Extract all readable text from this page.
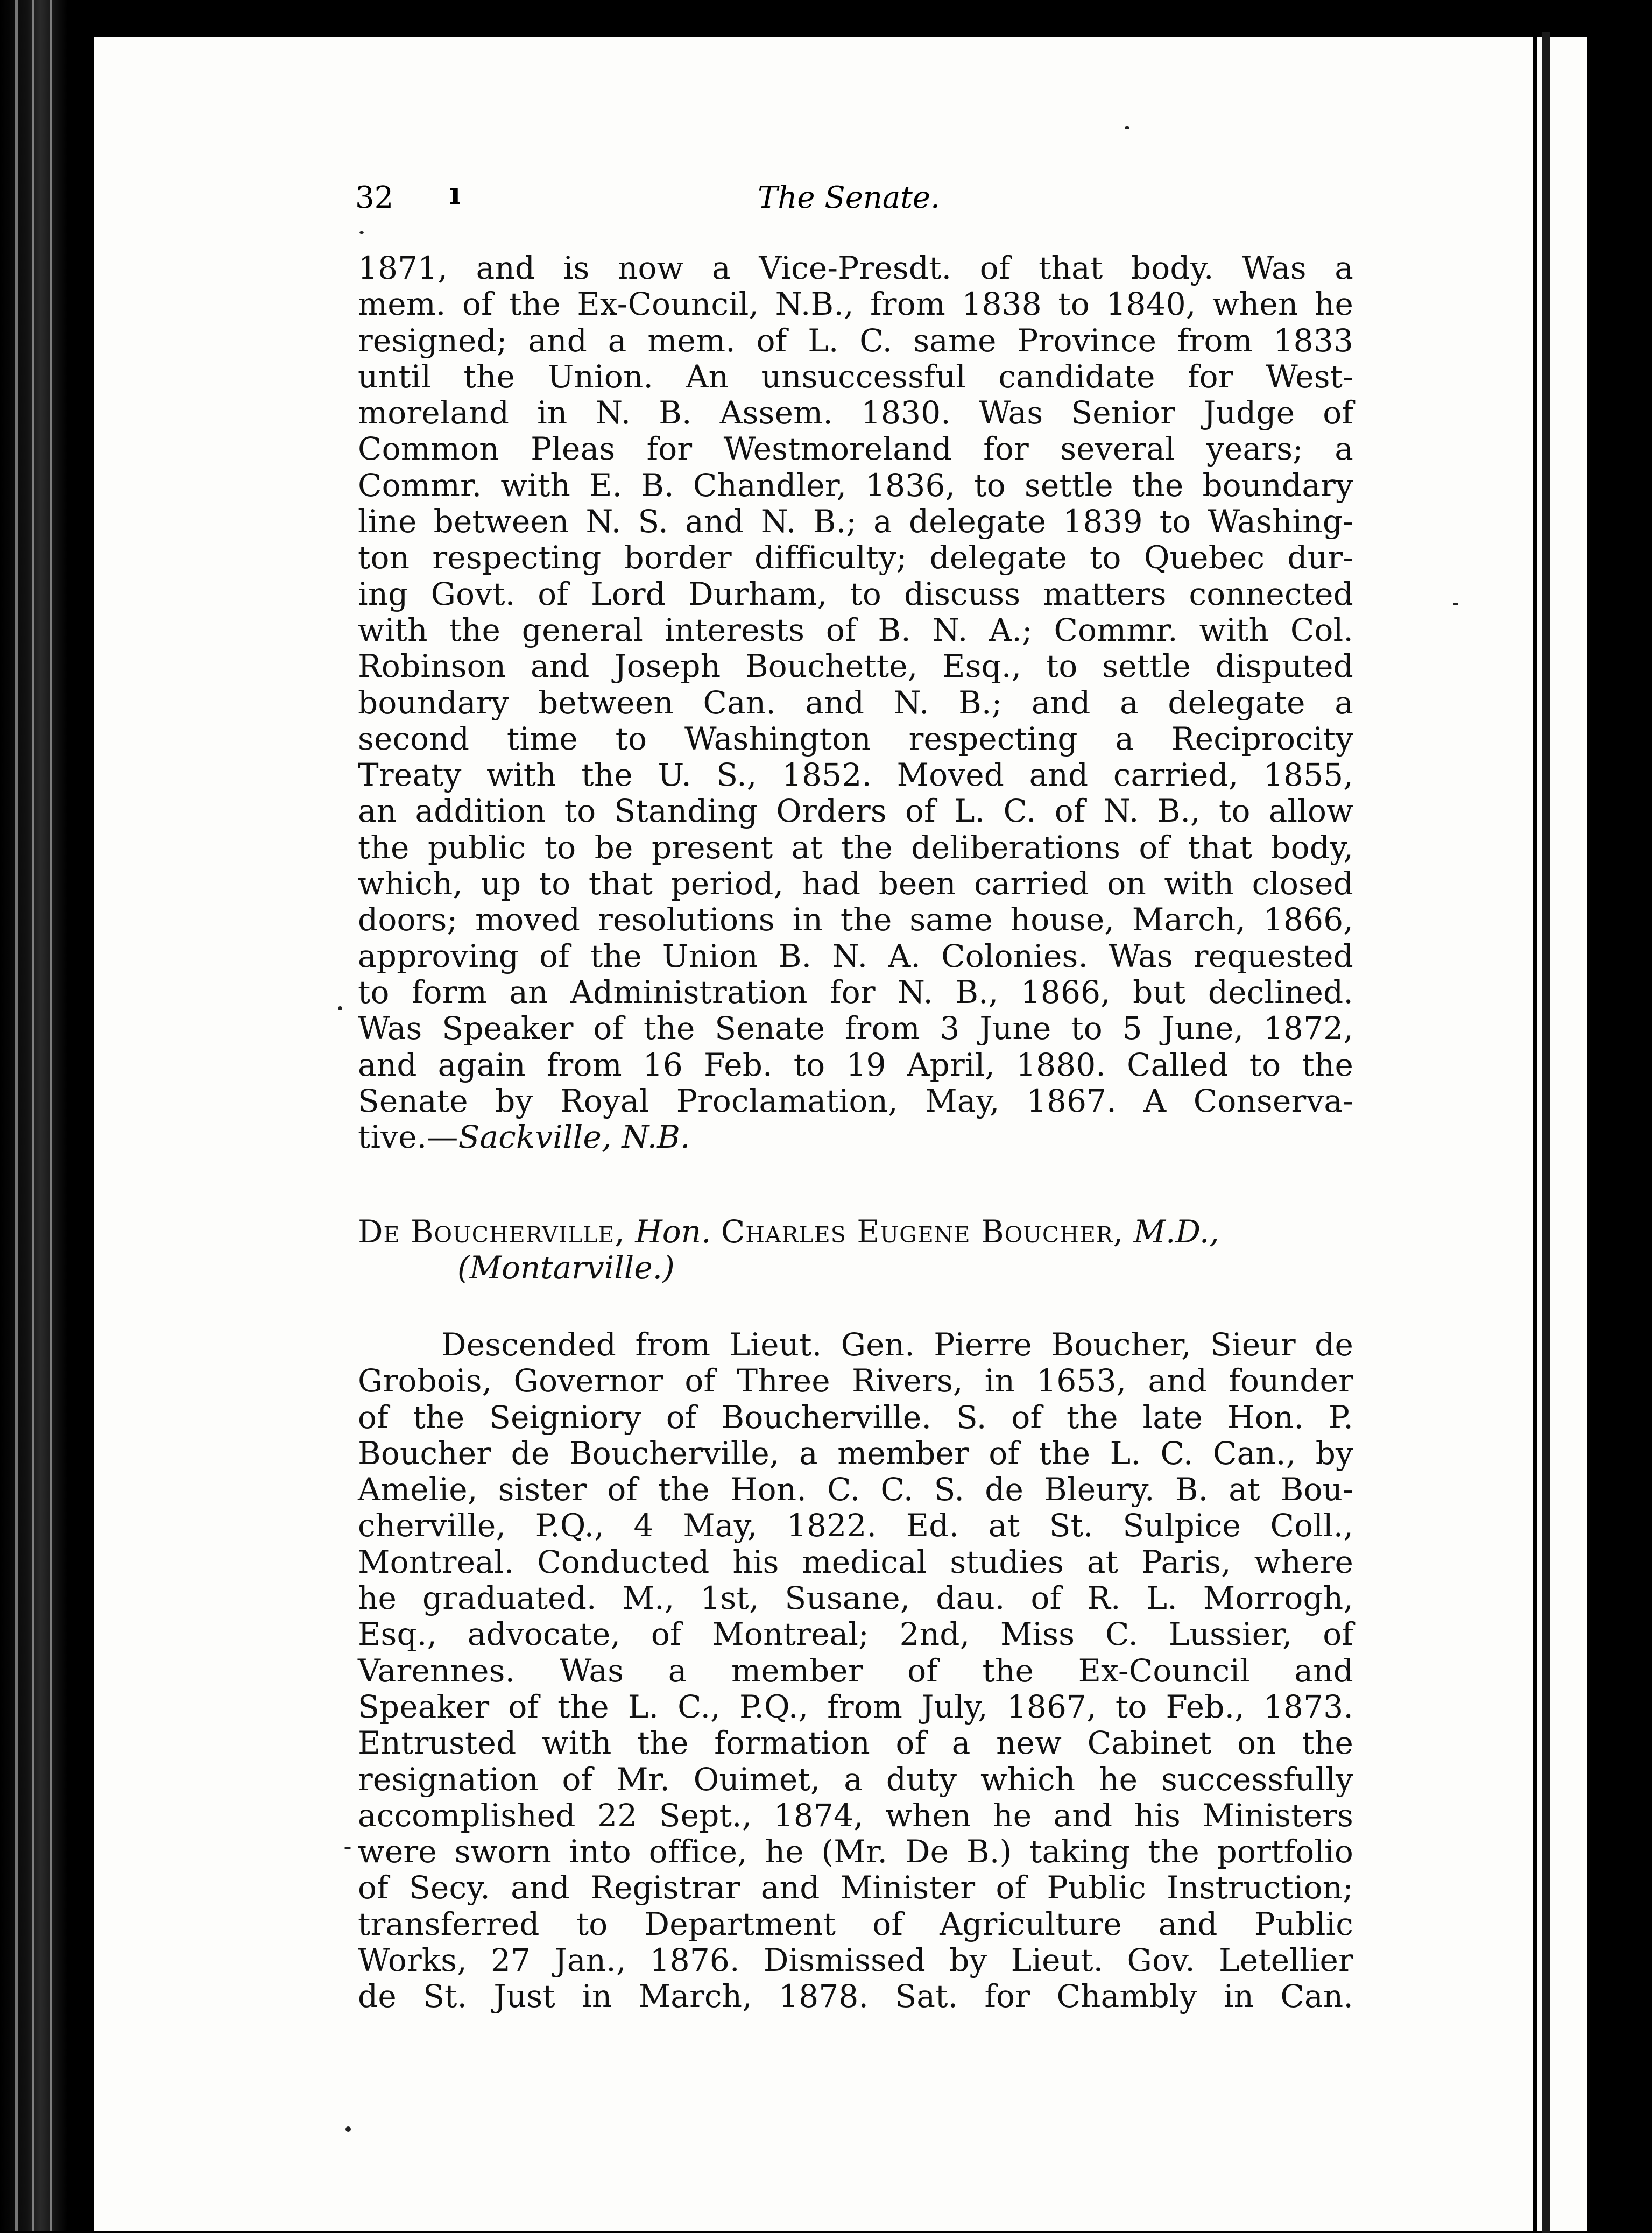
32 ı	The Senate.
1871, and is now a Vice-Presdt. of that body. Was a
mem. of the Ex-Council, N.B., from 1838 to 1840, when he
resigned; and a mem. of L. C. same Province from 1833
until the Union. An unsuccessful candidate for West-
moreland in N. B. Assem. 1830. Was Senior Judge of
Common Pleas for Westmoreland for several years; a
Commr. with E. B. Chandler, 1836, to settle the boundary
line between N. S. and N. B.; a delegate 1839 to Washing-
ton respecting border difficulty; delegate to Quebec dur-
ing Govt. of Lord Durham, to discuss matters connected
with the general interests of B. N. A.; Commr. with Col.
Robinson and Joseph Bouchette, Esq., to settle disputed
boundary between Can. and N. B.; and a delegate a
second time to Washington respecting a Reciprocity
Treaty with the U. S., 1852. Moved and carried, 1855,
an addition to Standing Orders of L. C. of N. B., to allow
the public to be present at the deliberations of that body,
which, up to that period, had been carried on with closed
doors; moved resolutions in the same house, March, 1866,
approving of the Union B. N. A. Colonies. Was requested
to form an Administration for N. B., 1866, but declined.
Was Speaker of the Senate from 3 June to 5 June, 1872,
and again from 16 Feb. to 19 April, 1880. Called to the
Senate by Royal Proclamation, May, 1867. A Conserva-
tive.—Sackville, N.B.
De Boucherville, Hon. Charles Eugene Boucher, M.D.,
(Montarville.)
Descended from Lieut. Gen. Pierre Boucher, Sieur de
Grobois, Governor of Three Rivers, in 1653, and founder
of the Seigniory of Boucherville. S. of the late Hon. P.
Boucher de Boucherville, a member of the L. C. Can., by
Amelie, sister of the Hon. C. C. S. de Bleury. B. at Bou-
cherville, P.Q., 4 May, 1822. Ed. at St. Sulpice Coll.,
Montreal. Conducted his medical studies at Paris, where
he graduated. M., 1st, Susane, dau. of R. L. Morrogh,
Esq., advocate, of Montreal; 2nd, Miss C. Lussier, of
Varennes. Was a member of the Ex-Council and
Speaker of the L. C., P.Q., from July, 1867, to Feb., 1873.
Entrusted with the formation of a new Cabinet on the
resignation of Mr. Ouimet, a duty which he successfully
accomplished 22 Sept., 1874, when he and his Ministers
were sworn into office, he (Mr. De B.) taking the portfolio
of Secy. and Registrar and Minister of Public Instruction;
transferred to Department of Agriculture and Public
Works, 27 Jan., 1876. Dismissed by Lieut. Gov. Letellier
de St. Just in March, 1878. Sat. for Chambly in Can.
